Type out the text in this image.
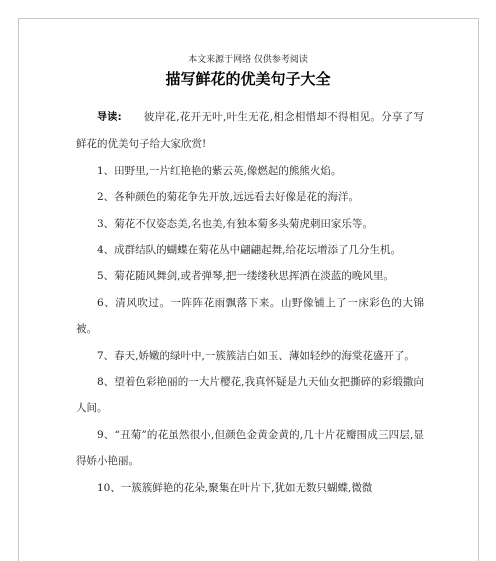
本文来源于网络 仅供参考阅读
描写鲜花的优美句子大全

导读: 彼岸花,花开无叶,叶生无花,相念相惜却不得相见。分享了写鲜花的优美句子给大家欣赏!

1、田野里,一片红艳艳的紫云英,像燃起的熊熊火焰。

2、各种颜色的菊花争先开放,远远看去好像是花的海洋。

3、菊花不仅姿态美,名也美,有独本菊多头菊虎刺田家乐等。

4、成群结队的蝴蝶在菊花丛中翩翩起舞,给花坛增添了几分生机。

5、菊花随风舞剑,或者弹琴,把一缕缕秋思挥洒在淡蓝的晚风里。

6、清风吹过。一阵阵花雨飘落下来。山野像铺上了一床彩色的大锦被。

7、春天,娇嫩的绿叶中,一簇簇洁白如玉、薄如轻纱的海棠花盛开了。

8、望着色彩艳丽的一大片樱花,我真怀疑是九天仙女把撕碎的彩缎撒向人间。

9、“丑菊”的花虽然很小,但颜色金黄金黄的,几十片花瓣围成三四层,显得娇小艳丽。

10、一簇簇鲜艳的花朵,聚集在叶片下,犹如无数只蝴蝶,微微
